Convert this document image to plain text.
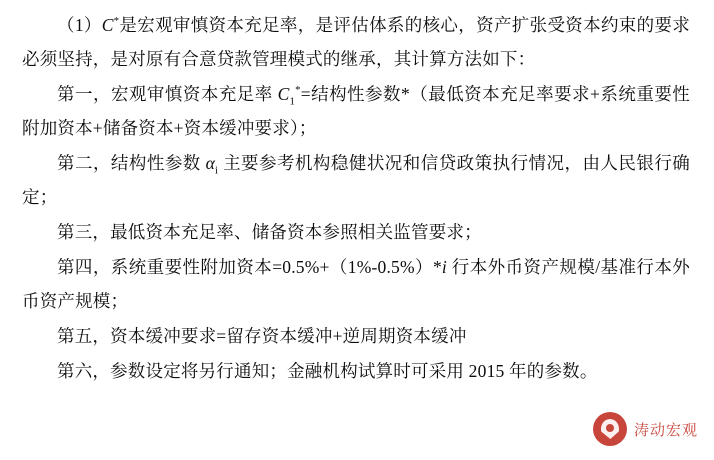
（1）C*是宏观审慎资本充足率，是评估体系的核心，资产扩张受资本约束的要求必须坚持，是对原有合意贷款管理模式的继承，其计算方法如下：
第一，宏观审慎资本充足率 $C_1^*=$结构性参数*（最低资本充足率要求+系统重要性附加资本+储备资本+资本缓冲要求）；
第二，结构性参数 $\alpha_i$ 主要参考机构稳健状况和信贷政策执行情况，由人民银行确定；
第三，最低资本充足率、储备资本参照相关监管要求；
第四，系统重要性附加资本=0.5%+（1%-0.5%）*i 行本外币资产规模/基准行本外币资产规模；
第五，资本缓冲要求=留存资本缓冲+逆周期资本缓冲
第六，参数设定将另行通知；金融机构试算时可采用 2015 年的参数。
涛动宏观
